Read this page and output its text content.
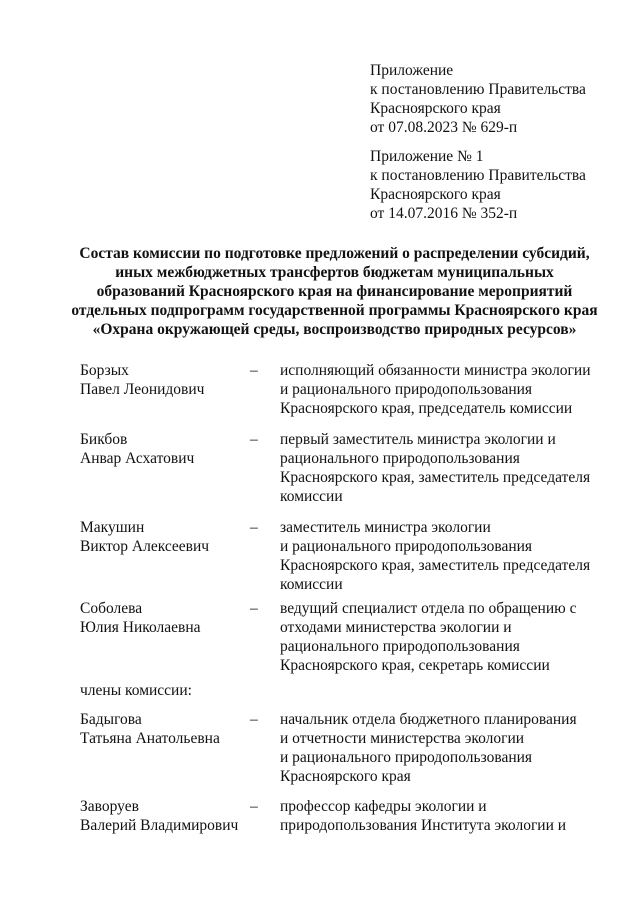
Приложение
к постановлению Правительства
Красноярского края
от 07.08.2023 № 629-п
Приложение № 1
к постановлению Правительства
Красноярского края
от 14.07.2016 № 352-п
Состав комиссии по подготовке предложений о распределении субсидий,
иных межбюджетных трансфертов бюджетам муниципальных
образований Красноярского края на финансирование мероприятий
отдельных подпрограмм государственной программы Красноярского края
«Охрана окружающей среды, воспроизводство природных ресурсов»
Борзых
Павел Леонидович
– исполняющий обязанности министра экологии
и рационального природопользования
Красноярского края, председатель комиссии
Бикбов
Анвар Асхатович
– первый заместитель министра экологии и
рационального природопользования
Красноярского края, заместитель председателя
комиссии
Макушин
Виктор Алексеевич
– заместитель министра экологии
и рационального природопользования
Красноярского края, заместитель председателя
комиссии
Соболева
Юлия Николаевна
– ведущий специалист отдела по обращению с
отходами министерства экологии и
рационального природопользования
Красноярского края, секретарь комиссии
члены комиссии:
Бадыгова
Татьяна Анатольевна
– начальник отдела бюджетного планирования
и отчетности министерства экологии
и рационального природопользования
Красноярского края
Заворуев
Валерий Владимирович
– профессор кафедры экологии и
природопользования Института экологии и
